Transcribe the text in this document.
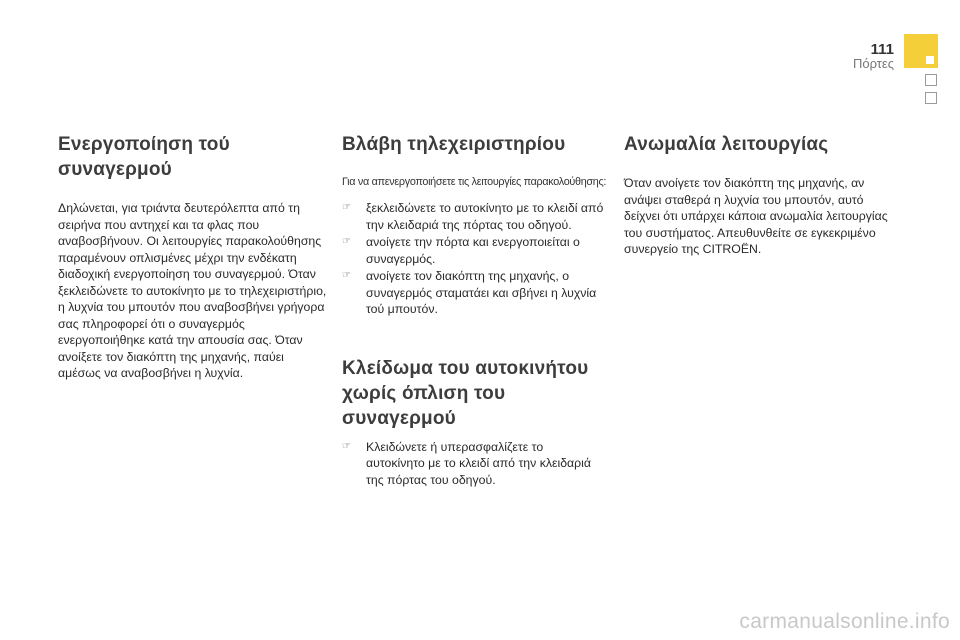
111
Πόρτες
Ενεργοποίηση τού συναγερμού

Δηλώνεται, για τριάντα δευτερόλεπτα από τη σειρήνα που αντηχεί και τα φλας που αναβοσβήνουν. Οι λειτουργίες παρακολούθησης παραμένουν οπλισμένες μέχρι την ενδέκατη διαδοχική ενεργοποίηση του συναγερμού. Όταν ξεκλειδώνετε το αυτοκίνητο με το τηλεχειριστήριο, η λυχνία του μπουτόν που αναβοσβήνει γρήγορα σας πληροφορεί ότι ο συναγερμός ενεργοποιήθηκε κατά την απουσία σας. Όταν ανοίξετε τον διακόπτη της μηχανής, παύει αμέσως να αναβοσβήνει η λυχνία.

Βλάβη τηλεχειριστηρίου
Για να απενεργοποιήσετε τις λειτουργίες παρακολούθησης:
☞ ξεκλειδώνετε το αυτοκίνητο με το κλειδί από την κλειδαριά της πόρτας του οδηγού.
☞ ανοίγετε την πόρτα και ενεργοποιείται ο συναγερμός.
☞ ανοίγετε τον διακόπτη της μηχανής, ο συναγερμός σταματάει και σβήνει η λυχνία τού μπουτόν.
Κλείδωμα του αυτοκινήτου χωρίς όπλιση του συναγερμού
☞ Κλειδώνετε ή υπερασφαλίζετε το αυτοκίνητο με το κλειδί από την κλειδαριά της πόρτας του οδηγού.
Ανωμαλία λειτουργίας

Όταν ανοίγετε τον διακόπτη της μηχανής, αν ανάψει σταθερά η λυχνία του μπουτόν, αυτό δείχνει ότι υπάρχει κάποια ανωμαλία λειτουργίας του συστήματος. Απευθυνθείτε σε εγκεκριμένο συνεργείο της CITROËN.

carmanualsonline.info
